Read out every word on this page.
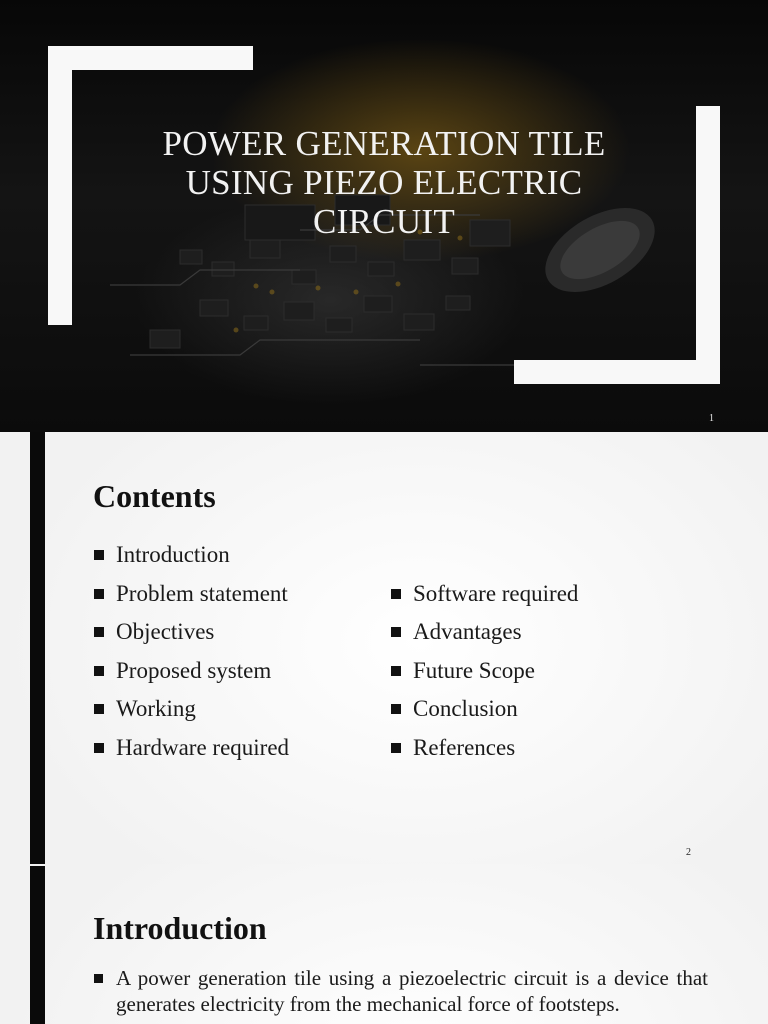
POWER GENERATION TILE
USING PIEZO ELECTRIC
CIRCUIT
1
Contents
Introduction
Problem statement
Objectives
Proposed system
Working
Hardware required
Software required
Advantages
Future Scope
Conclusion
References
2
Introduction

A power generation tile using a piezoelectric circuit is a device that generates electricity from the mechanical force of footsteps.
